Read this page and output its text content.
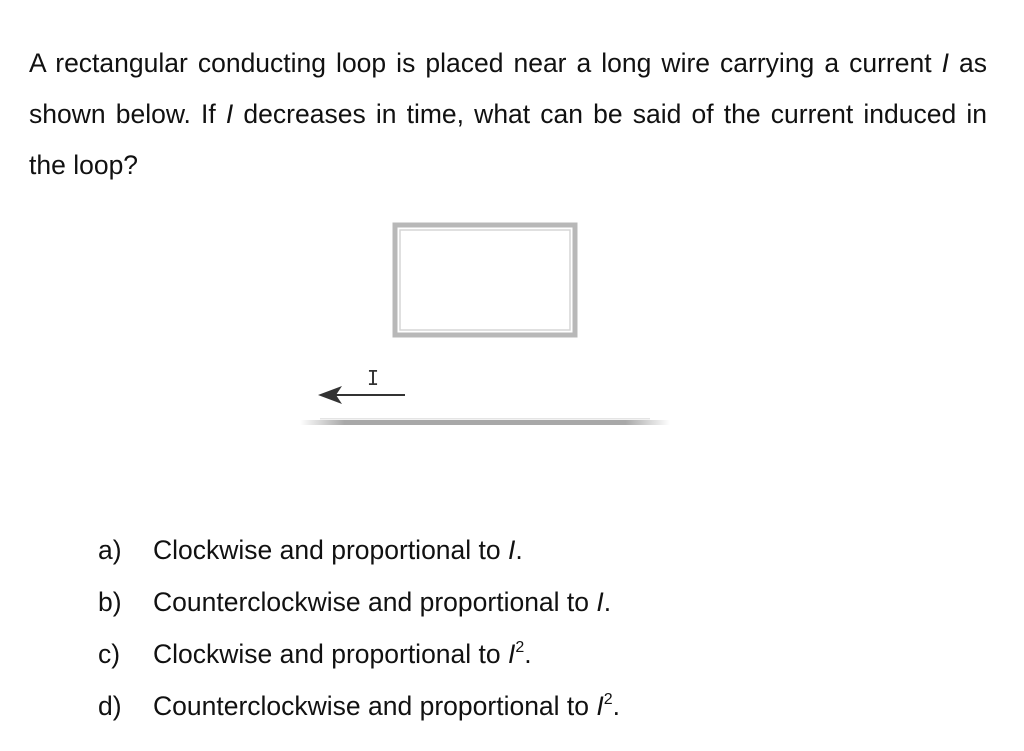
A rectangular conducting loop is placed near a long wire carrying a current I as shown below. If I decreases in time, what can be said of the current induced in the loop?

I
a) Clockwise and proportional to I.
b) Counterclockwise and proportional to I.
c) Clockwise and proportional to $I^2$.
d) Counterclockwise and proportional to $I^2$.
